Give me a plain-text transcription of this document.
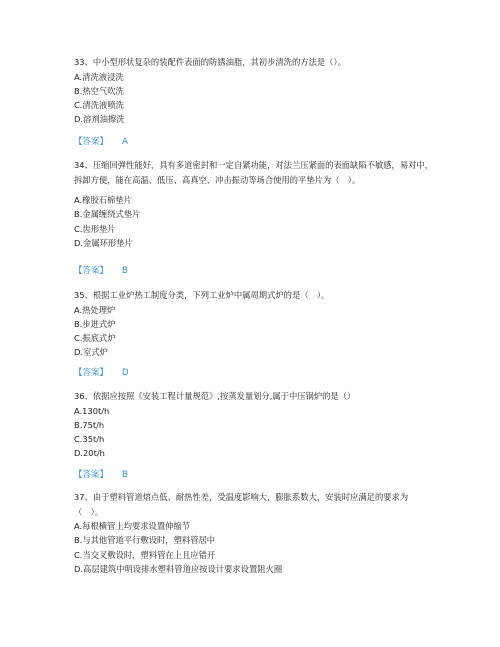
33、中小型形状复杂的装配件表面的防锈油脂，其初步清洗的方法是（）。

A.清洗液浸洗

B.热空气吹洗

C.清洗液喷洗

D.溶剂油擦洗

【答案】 A

34、压缩回弹性能好，具有多道密封和一定自紧功能，对法兰压紧面的表面缺陷不敏感，易对中，拆卸方便，能在高温、低压、高真空、冲击振动等场合使用的平垫片为（　）。

A.橡胶石棉垫片

B.金属缠绕式垫片

C.齿形垫片

D.金属环形垫片

【答案】 B

35、根据工业炉热工制度分类，下列工业炉中属周期式炉的是（　）。

A.热处理炉

B.步进式炉

C.振底式炉

D.室式炉

【答案】 D

36、依据应按照《安装工程计量规范》,按蒸发量划分,属于中压锅炉的是（）

A.130t/h

B.75t/h

C.35t/h

D.20t/h

【答案】 B

37、由于塑料管道熔点低、耐热性差，受温度影响大，膨胀系数大，安装时应满足的要求为（　）。

A.每根横管上均要求设置伸缩节

B.与其他管道平行敷设时，塑料管居中

C.当交叉敷设时，塑料管在上且应错开

D.高层建筑中明设排水塑料管道应按设计要求设置阻火圈
